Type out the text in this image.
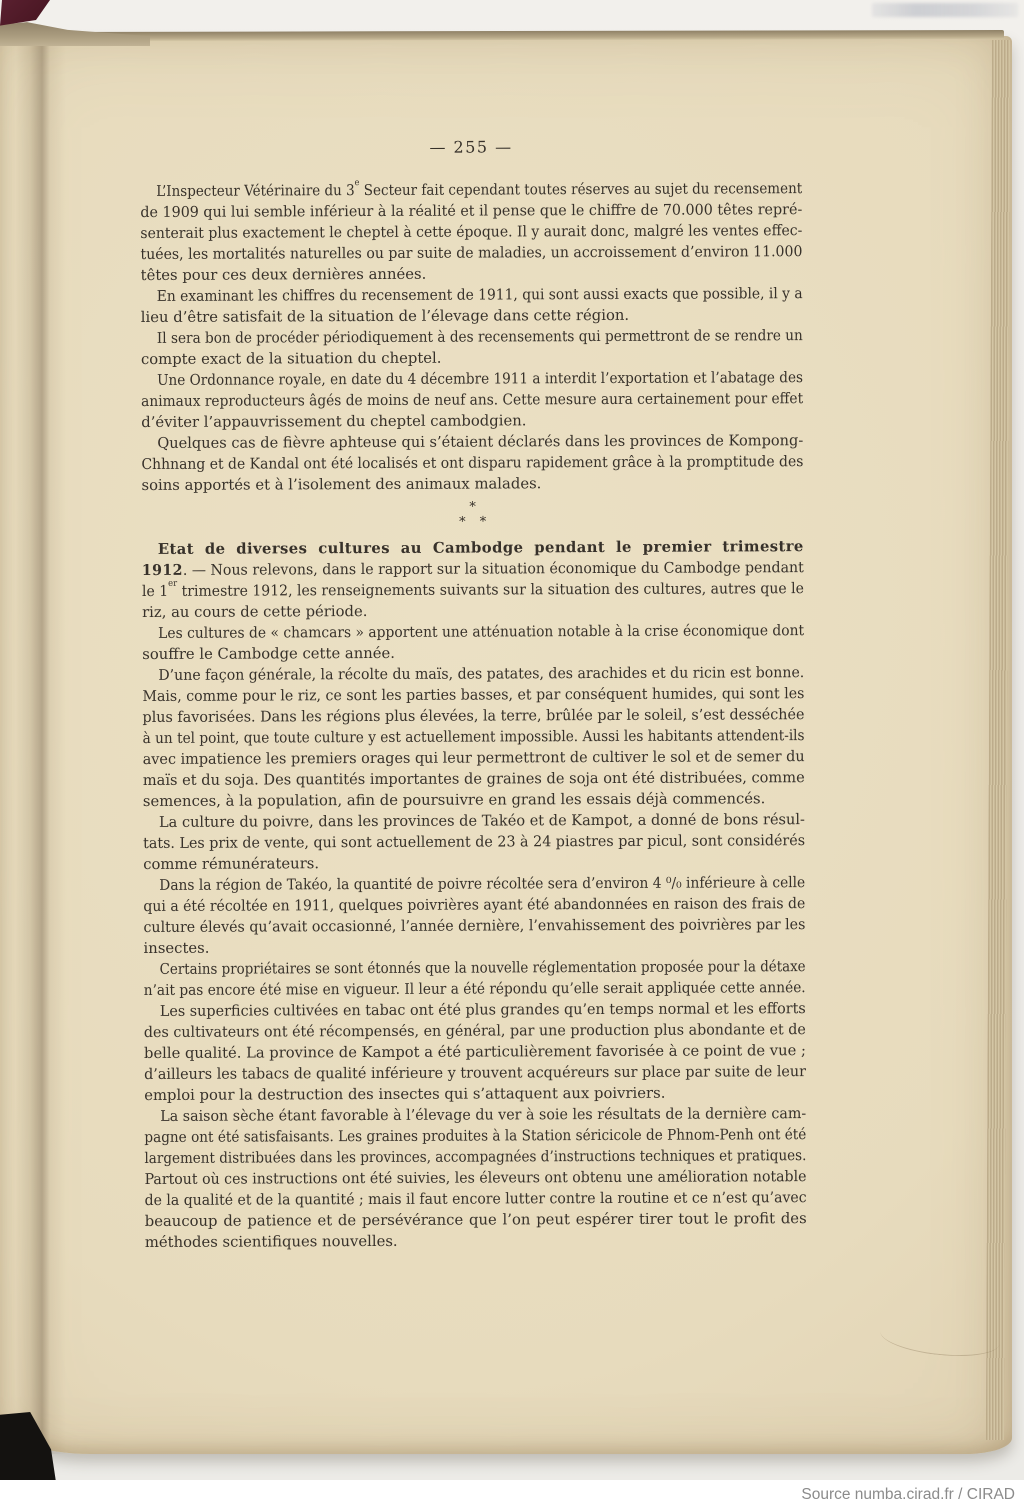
— 255 —
L’Inspecteur Vétérinaire du 3e Secteur fait cependant toutes réserves au sujet du recensement
de 1909 qui lui semble inférieur à la réalité et il pense que le chiffre de 70.000 têtes repré-
senterait plus exactement le cheptel à cette époque. Il y aurait donc, malgré les ventes effec-
tuées, les mortalités naturelles ou par suite de maladies, un accroissement d’environ 11.000
têtes pour ces deux dernières années.
En examinant les chiffres du recensement de 1911, qui sont aussi exacts que possible, il y a
lieu d’être satisfait de la situation de l’élevage dans cette région.
Il sera bon de procéder périodiquement à des recensements qui permettront de se rendre un
compte exact de la situation du cheptel.
Une Ordonnance royale, en date du 4 décembre 1911 a interdit l’exportation et l’abatage des
animaux reproducteurs âgés de moins de neuf ans. Cette mesure aura certainement pour effet
d’éviter l’appauvrissement du cheptel cambodgien.
Quelques cas de fièvre aphteuse qui s’étaient déclarés dans les provinces de Kompong-
Chhnang et de Kandal ont été localisés et ont disparu rapidement grâce à la promptitude des
soins apportés et à l’isolement des animaux malades.
*
* *
Etat de diverses cultures au Cambodge pendant le premier trimestre
1912. — Nous relevons, dans le rapport sur la situation économique du Cambodge pendant
le 1er trimestre 1912, les renseignements suivants sur la situation des cultures, autres que le
riz, au cours de cette période.
Les cultures de « chamcars » apportent une atténuation notable à la crise économique dont
souffre le Cambodge cette année.
D’une façon générale, la récolte du maïs, des patates, des arachides et du ricin est bonne.
Mais, comme pour le riz, ce sont les parties basses, et par conséquent humides, qui sont les
plus favorisées. Dans les régions plus élevées, la terre, brûlée par le soleil, s’est desséchée
à un tel point, que toute culture y est actuellement impossible. Aussi les habitants attendent-ils
avec impatience les premiers orages qui leur permettront de cultiver le sol et de semer du
maïs et du soja. Des quantités importantes de graines de soja ont été distribuées, comme
semences, à la population, afin de poursuivre en grand les essais déjà commencés.
La culture du poivre, dans les provinces de Takéo et de Kampot, a donné de bons résul-
tats. Les prix de vente, qui sont actuellement de 23 à 24 piastres par picul, sont considérés
comme rémunérateurs.
Dans la région de Takéo, la quantité de poivre récoltée sera d’environ 4 ⁰/₀ inférieure à celle
qui a été récoltée en 1911, quelques poivrières ayant été abandonnées en raison des frais de
culture élevés qu’avait occasionné, l’année dernière, l’envahissement des poivrières par les
insectes.
Certains propriétaires se sont étonnés que la nouvelle réglementation proposée pour la détaxe
n’ait pas encore été mise en vigueur. Il leur a été répondu qu’elle serait appliquée cette année.
Les superficies cultivées en tabac ont été plus grandes qu’en temps normal et les efforts
des cultivateurs ont été récompensés, en général, par une production plus abondante et de
belle qualité. La province de Kampot a été particulièrement favorisée à ce point de vue ;
d’ailleurs les tabacs de qualité inférieure y trouvent acquéreurs sur place par suite de leur
emploi pour la destruction des insectes qui s’attaquent aux poivriers.
La saison sèche étant favorable à l’élevage du ver à soie les résultats de la dernière cam-
pagne ont été satisfaisants. Les graines produites à la Station séricicole de Phnom-Penh ont été
largement distribuées dans les provinces, accompagnées d’instructions techniques et pratiques.
Partout où ces instructions ont été suivies, les éleveurs ont obtenu une amélioration notable
de la qualité et de la quantité ; mais il faut encore lutter contre la routine et ce n’est qu’avec
beaucoup de patience et de persévérance que l’on peut espérer tirer tout le profit des
méthodes scientifiques nouvelles.
Source numba.cirad.fr / CIRAD
